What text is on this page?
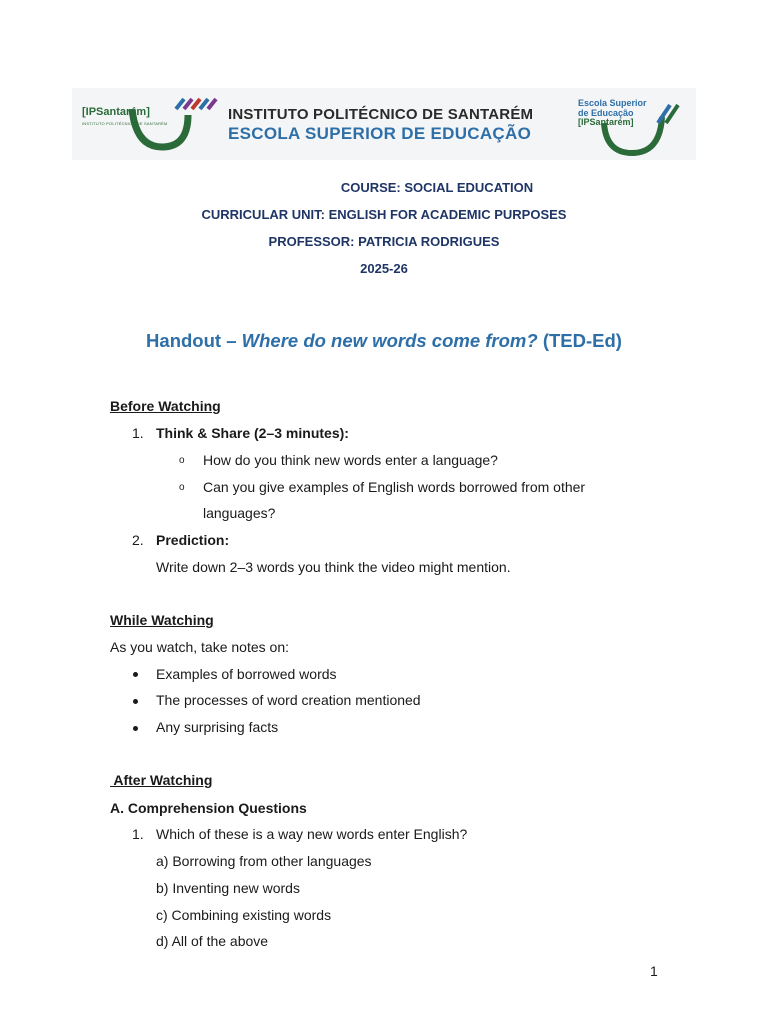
[IPSantarém]
INSTITUTO POLITÉCNICO DE SANTARÉM
INSTITUTO POLITÉCNICO DE SANTARÉM
ESCOLA SUPERIOR DE EDUCAÇÃO
Escola Superior
de Educação
[IPSantarém]
COURSE: SOCIAL EDUCATION
CURRICULAR UNIT: ENGLISH FOR ACADEMIC PURPOSES
PROFESSOR: PATRICIA RODRIGUES
2025-26
Handout – Where do new words come from? (TED-Ed)
Before Watching
1. Think & Share (2–3 minutes):
o How do you think new words enter a language?
o Can you give examples of English words borrowed from other
languages?
2. Prediction:
Write down 2–3 words you think the video might mention.
While Watching
As you watch, take notes on:
Examples of borrowed words
The processes of word creation mentioned
Any surprising facts
After Watching
A. Comprehension Questions
1. Which of these is a way new words enter English?
a) Borrowing from other languages
b) Inventing new words
c) Combining existing words
d) All of the above
1
